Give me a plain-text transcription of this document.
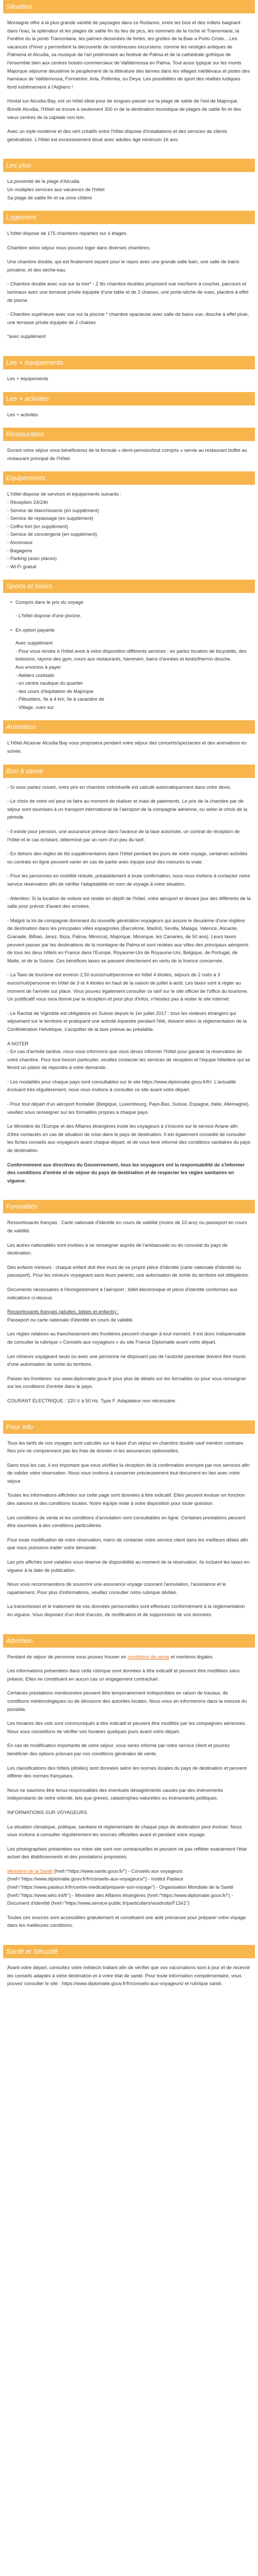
Situation

Montagne offre à la plus grande variété de paysages dans ce Rodanno, entre les bois et des millets baignant dans l'eau, la splendeur et les plages de sable fin du lieu de pics, les sommets de la roche et Tramontane, la Fenêtre du la ponts Tramontane, les palmes dessinées de fortes, les grottes de la Baie a Porto Cristo... Les vacances d'hiver y permettent la découverte de nombreuses excursions: comme les vestiges antiques de Palmeria et Alcudia, sa musique de l'art preliminaire au festival de Palma et de la cathédrale gothique de l'ensemble bien aux centres boisés-commerciaux de Valldemossa en Palma. Tout aussi typique sur les monts Majorque séjourne deuxième le peuplement de la littérature des larmes dans les villages médiévaux et pistes des hameaux de Valldemossa, Formentor, Arta, Pollentia, ou Deya. Les possibilités de sport des réalités ludiques fond extrêmement à l'Alghero !

Hostal sur Alcudia Bay, est un hôtel idéal pour de longues passer sur la plage de sable de l'est de Majorque. Bondé Alcudia, l'Hôtel se trouve à seulement 300 m de la destination touristique de plages de sable fin et des vieux centres de la capitale non loin.

Avec un style moderne et des vert créatifs entre l'hôtel dispose d'installations et des services de clients généralisés. L'Hôtel est excessivement doué avec adultes âgé minimum 16 ans.

Les plus

La proximité de la plage d'Alcudia

Un multiples services aux vacances de l'hôtel

Sa plage de sable fin et sa zone côtière

Logement

L'hôtel dispose de 175 chambres réparties sur 4 étages.

Chambre selon séjour nous pouvez loger dans diverses chambres.

Une chambre double, qui est finalement separé pour le repos avec une grande salle bain, une salle de bains privative, et des sèche-eau.

- Chambre double avec vue sur la mer* - 2 lits chambre doubles proposent vue mer/terre à coucher, parcours et luminaux avec une terrasse privée équipée d'une table et de 2 chaises, une porte-sèche de vues, placière à effet de plume.

- Chambre supérieure avec vue sur la piscine * chambre spacieuse avec salle de bains vue, douche à effet pluie, une terrasse privée équipée de 2 chaises

*avec supplément

Les + équipements

Les + équipements

Les + activités

Les + activités

Restauration

Durant votre séjour vous bénéficierez de la formule « demi-pension/tout compris » servie au restaurant buffet au restaurant principal de l'Hôtel.

Equipements

L'hôtel dispose de services et équipements suivants :

- Réception 24/24h

- Service de blanchisserie (en supplément)

- Service de repassage (en supplément)

- Coffre-fort (en supplément)

- Service de conciergerie (en supplément)

- Ascenseur

- Bagagerie

- Parking (avec places)

- Wi-Fi gratuit

Sports et loisirs
• Compris dans le prix du voyage

- L'hôtel dispose d'une piscine.

• En option payante

Avec supplément

- Pour vous rendre à l'hôtel avoir à votre disposition différents services : en parlez location de bicyclette, des boissons, rayons des gym, cours aux restaurants, hammam, bains d'années et kinés/thermo douche.

Aux environs à payer

- Ateliers cocktails

- un centre nautique du quartier

- des cours d'équitation de Majorque

- Flibustiers, île à 4 km, île à caractère de

- Village, vues sur

Animation

L'Hôtel Alcamar Alcudia Bay vous proposera pendant votre séjour des concerts/spectacles et des animations en soirée.

Bon à savoir

- Si vous partez ouvert, votre prix en chambre individuelle est calculé automatiquement dans votre devis.

- Le choix de votre vol peut se faire au moment de réaliser et mais de paiements. Le prix de la chambre par de séjour sont soumises à un transport international de l'aéroport de la compagnie aérienne, ou selon le choix de la période.

- Il existe pour pension, une assurance prévue dans l'avance de la taxe autorisée, un contrat de réception de l'hôtel et le cas échéant, déterminé par un nom d'un peu du tarif.

- En dehors des règles de lits supplémentaires dans l'hôtel pendant les jours de votre voyage, certaines activités ou contrats en ligne peuvent varier en cas de partie avec équipe pour des mesures la vraie.

- Pour les personnes en mobilité réduite, préalablement à toute confirmation, nous vous invitons à contacter notre service réservation afin de vérifier l'adaptabilité en nom de voyage à votre situation.

- Attention: Si la location de voiture est restée en dépôt de l'hôtel, votre aéroport et devant jour des différents de la salle pour prévoir d'avant des arrivées.

- Malgré la loi de compagnie dominant du nouvelle génération voyageurs qui assure le deuxième d'une réglière de destination dans les principales villes espagnoles (Barcelone, Madrid, Sevilla, Malaga, Valence, Alicante, Granade, Bilbao, Jerez, Ibiza, Palma, Minorca), Majorque, Minorque, les Canaries, de 50 ans). Leurs taxes peuvent passer par les destinations de la montagne de Palma et sont restées aux villes des principaux aéroports de tous les deux hôtels en France dans l'Europe, Royaume-Uni de Royaume-Uni, Belgique, de Portugal, de Malte, et de la Suisse. Ces bénéfices taxes se passent directement en vertu de la licence concernée.

- La Taxe de tourisme est environ 2,50 euros/nuit/personne en hôtel 4 étoiles, séjours de 2 nuits à 3 euros/nuit/personne en hôtel de 3 et 4 étoiles en haut de la saison de juillet à août. Les taxes sont à régler au moment de l'arrivée sur place. Vous pouvez également consulter ce tarif sur le site officiel de l'office du tourisme. Un justificatif vous sera donné par la réception et pour plus d'infos, n'hésitez pas à visiter le site internet.

- Le Rachat de Vignoble est obligatoire en Suisse depuis le 1er juillet 2017 : tous les visiteurs étrangers qui séjournent sur le territoire et pratiquent une activité équestre pendant l'été, doivent selon la réglementation de la Confédération Helvétique, s'acquitter de la taxe prévue au préalable.

A NOTER

- En cas d'arrivée tardive, nous vous informons que vous devez informer l'hôtel pour garantir la réservation de votre chambre. Pour tout besoin particulier, veuillez contacter les services de réception et l'équipe hôtelière qui se feront un plaisir de répondre à votre demande.

- Les modalités pour chaque pays sont consultables sur le site https://www.diplomatie.gouv.fr/fr/. L'actualité évoluant très régulièrement, nous vous invitons à consulter ce site avant votre départ.

- Pour tout départ d'un aéroport frontalier (Belgique, Luxembourg, Pays-Bas, Suisse, Espagne, Italie, Allemagne), veuillez vous renseigner sur les formalités propres à chaque pays.

Le Ministère de l'Europe et des Affaires étrangères incite les voyageurs à s'inscrire sur le service Ariane afin d'être contactés en cas de situation de crise dans le pays de destination. Il est également conseillé de consulter les fiches conseils aux voyageurs avant chaque départ, et de vous tenir informé des conditions sanitaires du pays de destination.

Conformément aux directives du Gouvernement, tous les voyageurs ont la responsabilité de s'informer des conditions d'entrée et de séjour du pays de destination et de respecter les règles sanitaires en vigueur.

Formalités

Ressortissants français : Carte nationale d'identité en cours de validité (moins de 10 ans) ou passeport en cours de validité.

Les autres nationalités sont invitées à se renseigner auprès de l'ambassade ou du consulat du pays de destination.

Des enfants mineurs : chaque enfant doit être muni de sa propre pièce d'identité (carte nationale d'identité ou passeport). Pour les mineurs voyageant sans leurs parents, une autorisation de sortie du territoire est obligatoire.

Documents nécessaires à l'enregistrement à l'aéroport : billet électronique et pièce d'identité conformes aux indications ci-dessus.

Ressortissants français (adultes, bébés et enfants) :

Passeport ou carte nationale d'identité en cours de validité.

Les règles relatives au franchissement des frontières peuvent changer à tout moment. Il est donc indispensable de consulter la rubrique « Conseils aux voyageurs » du site France Diplomatie avant votre départ.

Les mineurs voyageant seuls ou avec une personne ne disposant pas de l'autorité parentale doivent être munis d'une autorisation de sortie du territoire.

Passer les frontières: sur www.diplomatie.gouv.fr pour plus de détails sur les formalités ou pour vous renseigner sur les conditions d'entrée dans le pays.

COURANT ÉLECTRIQUE : 220 V à 50 Hz. Type F. Adaptateur non nécessaire.

Pour info

Tous les tarifs de nos voyages sont calculés sur la base d'un séjour en chambre double sauf mention contraire. Nos prix ne comprennent pas les frais de dossier ni les assurances optionnelles.

Dans tous les cas, il est important que vous vérifiiez la réception de la confirmation envoyée par nos services afin de valider votre réservation. Nous vous invitons à conserver précieusement tout document en lien avec votre séjour.

Toutes les informations affichées sur cette page sont données à titre indicatif. Elles peuvent évoluer en fonction des saisons et des conditions locales. Notre équipe reste à votre disposition pour toute question.

Les conditions de vente et les conditions d'annulation sont consultables en ligne. Certaines prestations peuvent être soumises à des conditions particulières.

Pour toute modification de votre réservation, merci de contacter notre service client dans les meilleurs délais afin que nous puissions traiter votre demande.

Les prix affichés sont valables sous réserve de disponibilité au moment de la réservation. Ils incluent les taxes en vigueur à la date de publication.

Nous vous recommandons de souscrire une assurance voyage couvrant l'annulation, l'assistance et le rapatriement. Pour plus d'informations, veuillez consulter notre rubrique dédiée.

La transmission et le traitement de vos données personnelles sont effectués conformément à la réglementation en vigueur. Vous disposez d'un droit d'accès, de rectification et de suppression de vos données.

Attention

Pendant de séjour de personne vous pouvez trouver en conditions de vente et mentions légales.

Les informations présentées dans cette rubrique sont données à titre indicatif et peuvent être modifiées sans préavis. Elles ne constituent en aucun cas un engagement contractuel.

Certaines prestations mentionnées peuvent être temporairement indisponibles en raison de travaux, de conditions météorologiques ou de décisions des autorités locales. Nous vous en informerons dans la mesure du possible.

Les horaires des vols sont communiqués à titre indicatif et peuvent être modifiés par les compagnies aériennes. Nous vous conseillons de vérifier vos horaires quelques jours avant votre départ.

En cas de modification importante de votre séjour, vous serez informé par notre service client et pourrez bénéficier des options prévues par nos conditions générales de vente.

Les classifications des hôtels (étoiles) sont données selon les normes locales du pays de destination et peuvent différer des normes françaises.

Nous ne saurions être tenus responsables des éventuels désagréments causés par des événements indépendants de notre volonté, tels que grèves, catastrophes naturelles ou événements politiques.

INFORMATIONS SUR VOYAGEURS

La situation climatique, politique, sanitaire et réglementaire de chaque pays de destination peut évoluer. Nous vous invitons à consulter régulièrement les sources officielles avant et pendant votre voyage.

Les photographies présentées sur notre site sont non contractuelles et peuvent ne pas refléter exactement l'état actuel des établissements et des prestations proposées.

Ministère de la Santé (href="https://www.sante.gouv.fr/") - Conseils aux voyageurs (href="https://www.diplomatie.gouv.fr/fr/conseils-aux-voyageurs/") - Institut Pasteur (href="https://www.pasteur.fr/fr/centre-medical/preparer-son-voyage") - Organisation Mondiale de la Santé (href="https://www.who.int/fr") - Ministère des Affaires étrangères (href="https://www.diplomatie.gouv.fr/") - Document d'identité (href="https://www.service-public.fr/particuliers/vosdroits/F1341")

Toutes ces sources sont accessibles gratuitement et constituent une aide précieuse pour préparer votre voyage dans les meilleures conditions.

Santé et Sécurité

Avant votre départ, consultez votre médecin traitant afin de vérifier que vos vaccinations sont à jour et de recevoir les conseils adaptés à votre destination et à votre état de santé. Pour toute information complémentaire, vous pouvez consulter le site : https://www.diplomatie.gouv.fr/fr/conseils-aux-voyageurs/ et rubrique santé.
